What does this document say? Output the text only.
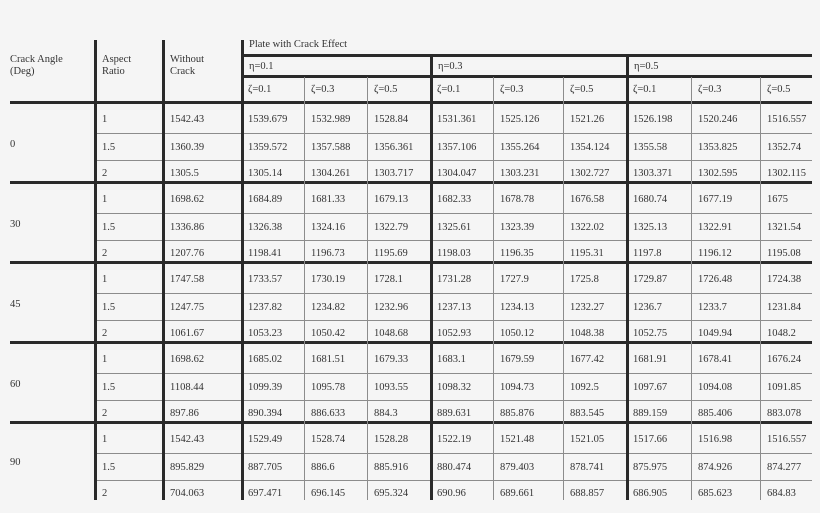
Crack Angle
(Deg)
Aspect
Ratio
Without
Crack
Plate with Crack Effect
η=0.1	η=0.3	η=0.5
ζ=0.1	ζ=0.3	ζ=0.5	ζ=0.1	ζ=0.3	ζ=0.5	ζ=0.1	ζ=0.3	ζ=0.5
0
1	1542.43	1539.679	1532.989	1528.84	1531.361	1525.126	1521.26	1526.198	1520.246	1516.557
1.5	1360.39	1359.572	1357.588	1356.361	1357.106	1355.264	1354.124	1355.58	1353.825	1352.74
2	1305.5	1305.14	1304.261	1303.717	1304.047	1303.231	1302.727	1303.371	1302.595	1302.115
30
1	1698.62	1684.89	1681.33	1679.13	1682.33	1678.78	1676.58	1680.74	1677.19	1675
1.5	1336.86	1326.38	1324.16	1322.79	1325.61	1323.39	1322.02	1325.13	1322.91	1321.54
2	1207.76	1198.41	1196.73	1195.69	1198.03	1196.35	1195.31	1197.8	1196.12	1195.08
45
1	1747.58	1733.57	1730.19	1728.1	1731.28	1727.9	1725.8	1729.87	1726.48	1724.38
1.5	1247.75	1237.82	1234.82	1232.96	1237.13	1234.13	1232.27	1236.7	1233.7	1231.84
2	1061.67	1053.23	1050.42	1048.68	1052.93	1050.12	1048.38	1052.75	1049.94	1048.2
60
1	1698.62	1685.02	1681.51	1679.33	1683.1	1679.59	1677.42	1681.91	1678.41	1676.24
1.5	1108.44	1099.39	1095.78	1093.55	1098.32	1094.73	1092.5	1097.67	1094.08	1091.85
2	897.86	890.394	886.633	884.3	889.631	885.876	883.545	889.159	885.406	883.078
90
1	1542.43	1529.49	1528.74	1528.28	1522.19	1521.48	1521.05	1517.66	1516.98	1516.557
1.5	895.829	887.705	886.6	885.916	880.474	879.403	878.741	875.975	874.926	874.277
2	704.063	697.471	696.145	695.324	690.96	689.661	688.857	686.905	685.623	684.83
